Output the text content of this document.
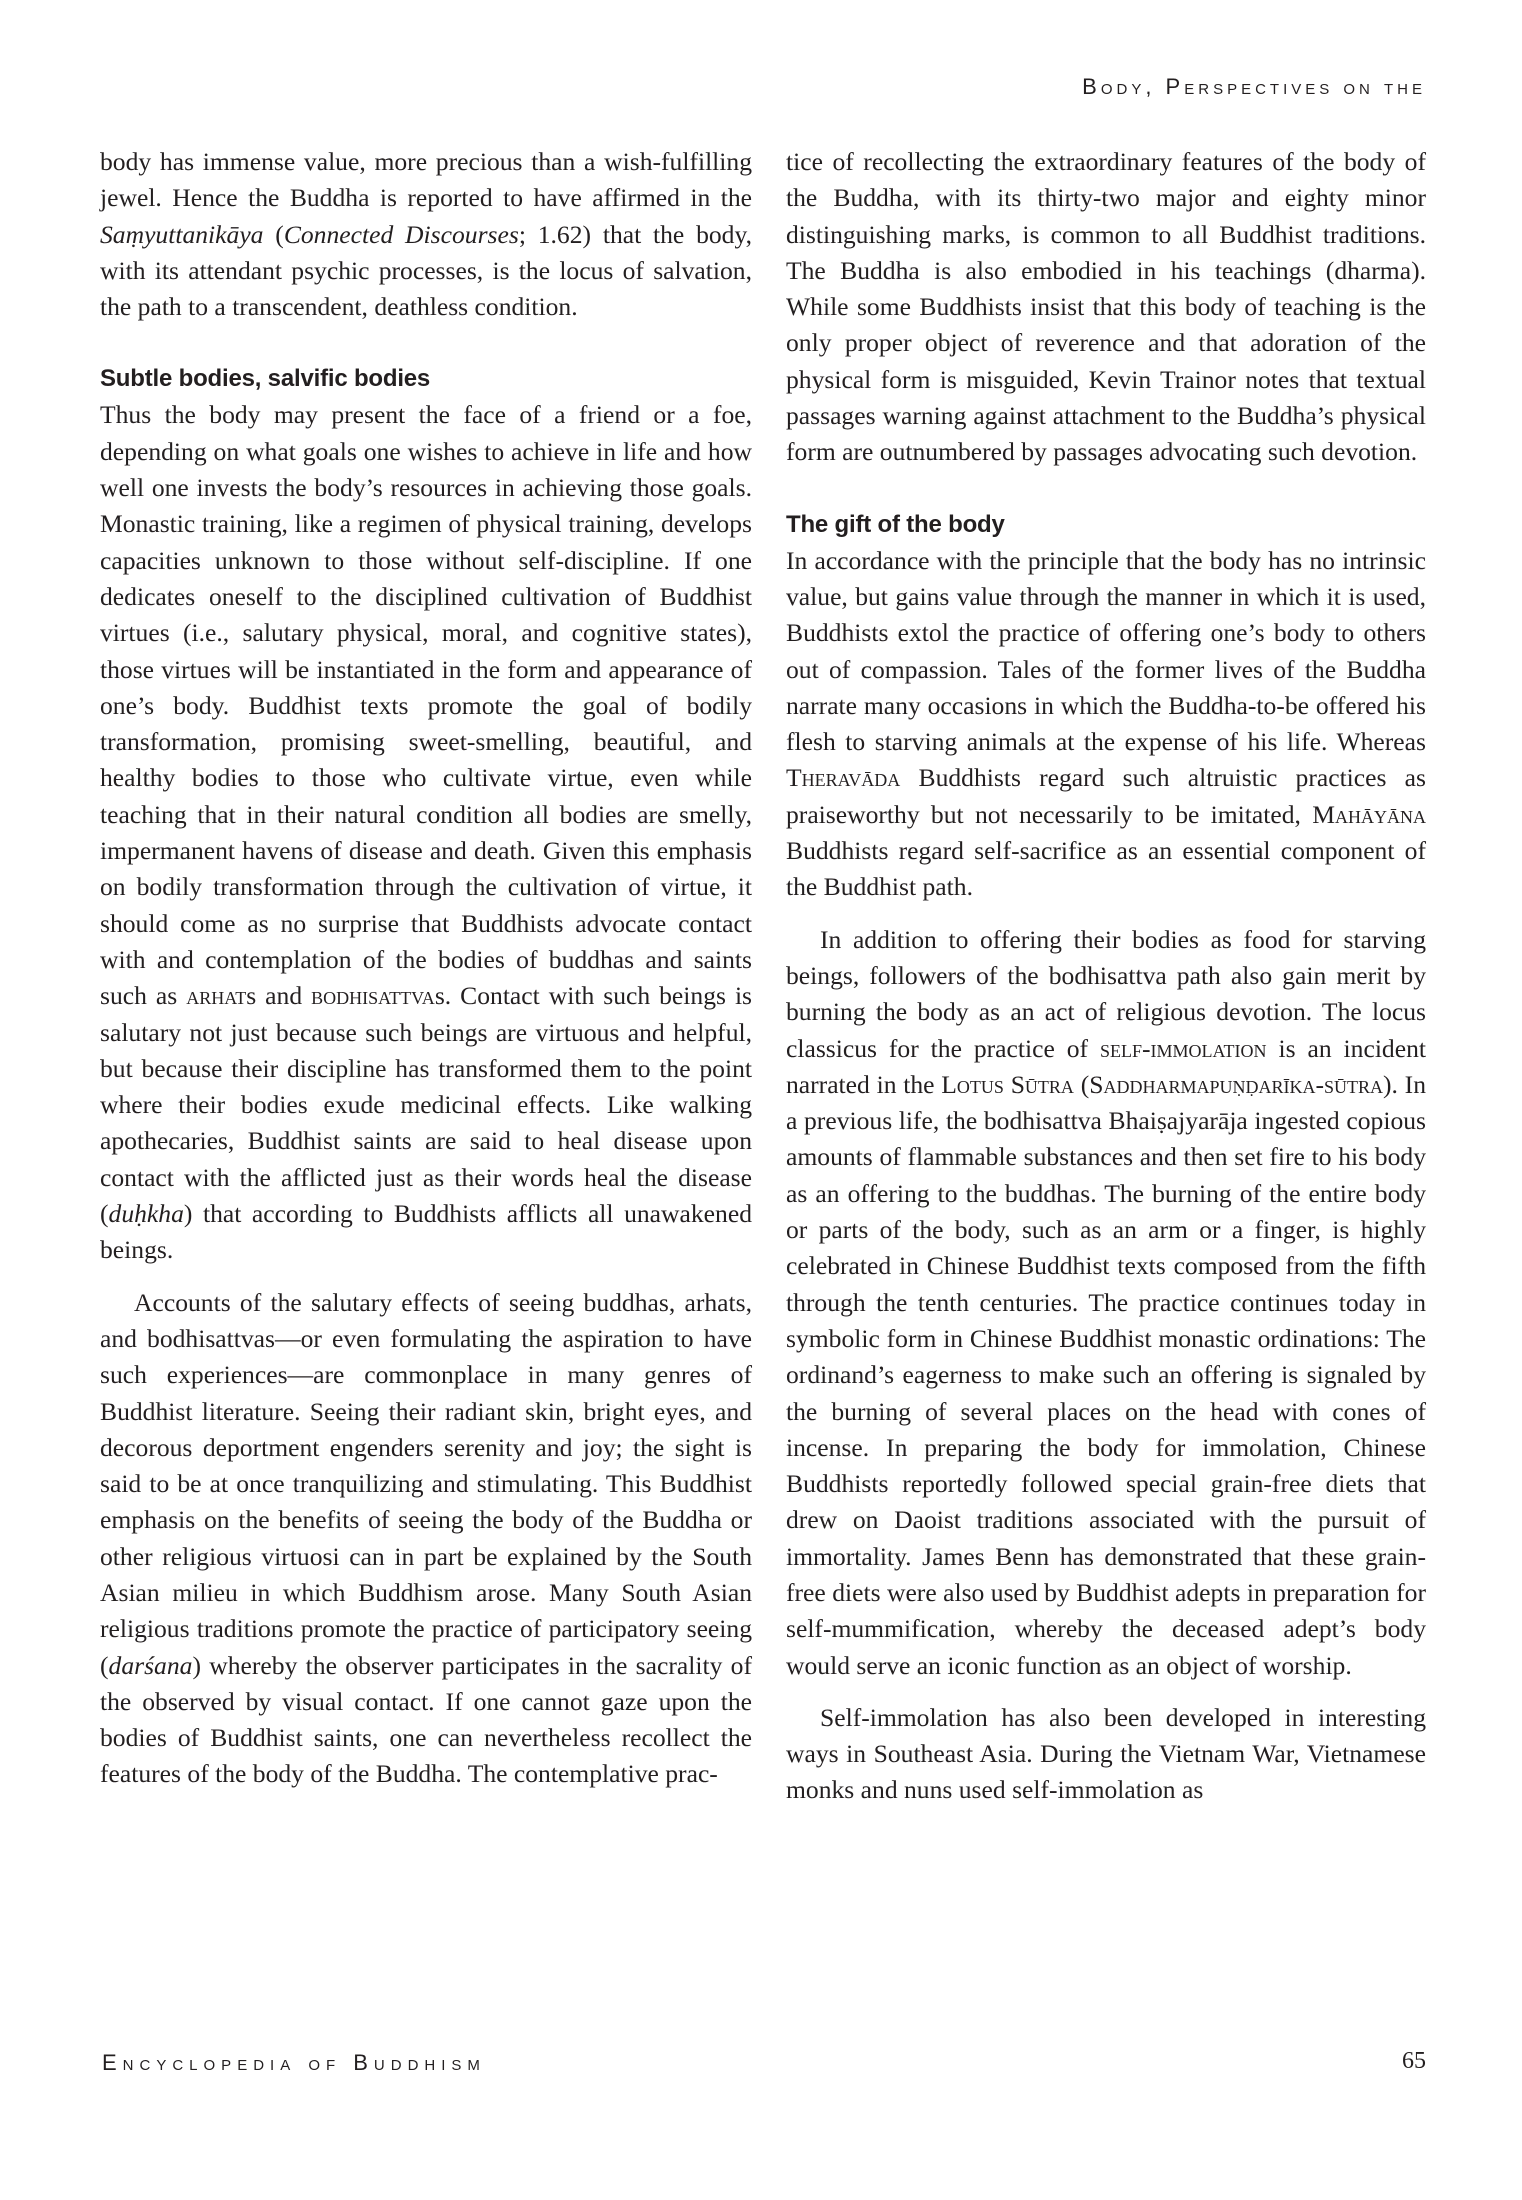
Body, Perspectives on the

body has immense value, more precious than a wish-fulfilling jewel. Hence the Buddha is reported to have affirmed in the Saṃyuttanikāya (Connected Discourses; 1.62) that the body, with its attendant psychic processes, is the locus of salvation, the path to a transcendent, deathless condition.

Subtle bodies, salvific bodies

Thus the body may present the face of a friend or a foe, depending on what goals one wishes to achieve in life and how well one invests the body’s resources in achieving those goals. Monastic training, like a regimen of physical training, develops capacities unknown to those without self-discipline. If one dedicates oneself to the disciplined cultivation of Buddhist virtues (i.e., salutary physical, moral, and cognitive states), those virtues will be instantiated in the form and appearance of one’s body. Buddhist texts promote the goal of bodily transformation, promising sweet-smelling, beautiful, and healthy bodies to those who cultivate virtue, even while teaching that in their natural condition all bodies are smelly, impermanent havens of disease and death. Given this emphasis on bodily transformation through the cultivation of virtue, it should come as no surprise that Buddhists advocate contact with and contemplation of the bodies of buddhas and saints such as arhats and bodhisattvas. Contact with such beings is salutary not just because such beings are virtuous and helpful, but because their discipline has transformed them to the point where their bodies exude medicinal effects. Like walking apothecaries, Buddhist saints are said to heal disease upon contact with the afflicted just as their words heal the disease (duḥkha) that according to Buddhists afflicts all unawakened beings.

Accounts of the salutary effects of seeing buddhas, arhats, and bodhisattvas—or even formulating the aspiration to have such experiences—are commonplace in many genres of Buddhist literature. Seeing their radiant skin, bright eyes, and decorous deportment engenders serenity and joy; the sight is said to be at once tranquilizing and stimulating. This Buddhist emphasis on the benefits of seeing the body of the Buddha or other religious virtuosi can in part be explained by the South Asian milieu in which Buddhism arose. Many South Asian religious traditions promote the practice of participatory seeing (darśana) whereby the observer participates in the sacrality of the observed by visual contact. If one cannot gaze upon the bodies of Buddhist saints, one can nevertheless recollect the features of the body of the Buddha. The contemplative prac-

tice of recollecting the extraordinary features of the body of the Buddha, with its thirty-two major and eighty minor distinguishing marks, is common to all Buddhist traditions. The Buddha is also embodied in his teachings (dharma). While some Buddhists insist that this body of teaching is the only proper object of reverence and that adoration of the physical form is misguided, Kevin Trainor notes that textual passages warning against attachment to the Buddha’s physical form are outnumbered by passages advocating such devotion.

The gift of the body

In accordance with the principle that the body has no intrinsic value, but gains value through the manner in which it is used, Buddhists extol the practice of offering one’s body to others out of compassion. Tales of the former lives of the Buddha narrate many occasions in which the Buddha-to-be offered his flesh to starving animals at the expense of his life. Whereas Theravāda Buddhists regard such altruistic practices as praiseworthy but not necessarily to be imitated, Mahāyāna Buddhists regard self-sacrifice as an essential component of the Buddhist path.

In addition to offering their bodies as food for starving beings, followers of the bodhisattva path also gain merit by burning the body as an act of religious devotion. The locus classicus for the practice of self-immolation is an incident narrated in the Lotus Sūtra (Saddharmapuṇḍarīka-sūtra). In a previous life, the bodhisattva Bhaiṣajyarāja ingested copious amounts of flammable substances and then set fire to his body as an offering to the buddhas. The burning of the entire body or parts of the body, such as an arm or a finger, is highly celebrated in Chinese Buddhist texts composed from the fifth through the tenth centuries. The practice continues today in symbolic form in Chinese Buddhist monastic ordinations: The ordinand’s eagerness to make such an offering is signaled by the burning of several places on the head with cones of incense. In preparing the body for immolation, Chinese Buddhists reportedly followed special grain-free diets that drew on Daoist traditions associated with the pursuit of immortality. James Benn has demonstrated that these grain-free diets were also used by Buddhist adepts in preparation for self-mummification, whereby the deceased adept’s body would serve an iconic function as an object of worship.

Self-immolation has also been developed in interesting ways in Southeast Asia. During the Vietnam War, Vietnamese monks and nuns used self-immolation as

Encyclopedia of Buddhism	65
